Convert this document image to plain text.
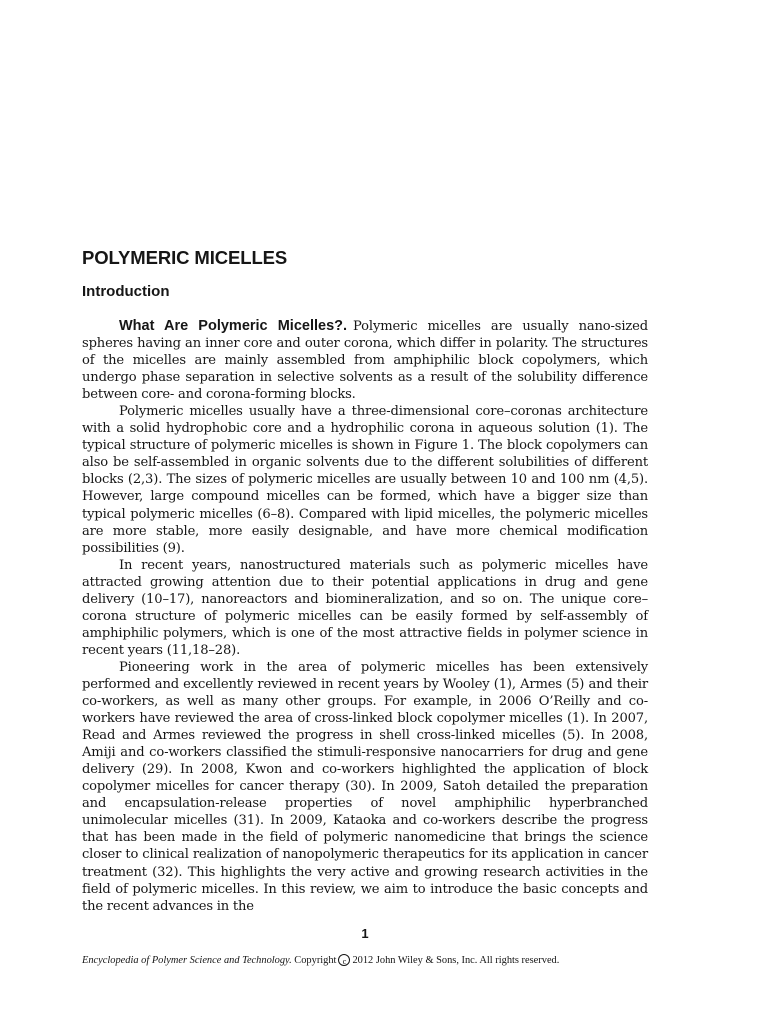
POLYMERIC MICELLES
Introduction

What Are Polymeric Micelles?. Polymeric micelles are usually nano-sized spheres having an inner core and outer corona, which differ in polarity. The structures of the micelles are mainly assembled from amphiphilic block copolymers, which undergo phase separation in selective solvents as a result of the solubility difference between core- and corona-forming blocks.

Polymeric micelles usually have a three-dimensional core–coronas architecture with a solid hydrophobic core and a hydrophilic corona in aqueous solution (1). The typical structure of polymeric micelles is shown in Figure 1. The block copolymers can also be self-assembled in organic solvents due to the different solubilities of different blocks (2,3). The sizes of polymeric micelles are usually between 10 and 100 nm (4,5). However, large compound micelles can be formed, which have a bigger size than typical polymeric micelles (6–8). Compared with lipid micelles, the polymeric micelles are more stable, more easily designable, and have more chemical modification possibilities (9).

In recent years, nanostructured materials such as polymeric micelles have attracted growing attention due to their potential applications in drug and gene delivery (10–17), nanoreactors and biomineralization, and so on. The unique core–corona structure of polymeric micelles can be easily formed by self-assembly of amphiphilic polymers, which is one of the most attractive fields in polymer science in recent years (11,18–28).

Pioneering work in the area of polymeric micelles has been extensively performed and excellently reviewed in recent years by Wooley (1), Armes (5) and their co-workers, as well as many other groups. For example, in 2006 O’Reilly and co-workers have reviewed the area of cross-linked block copolymer micelles (1). In 2007, Read and Armes reviewed the progress in shell cross-linked micelles (5). In 2008, Amiji and co-workers classified the stimuli-responsive nanocarriers for drug and gene delivery (29). In 2008, Kwon and co-workers highlighted the application of block copolymer micelles for cancer therapy (30). In 2009, Satoh detailed the preparation and encapsulation-release properties of novel amphiphilic hyperbranched unimolecular micelles (31). In 2009, Kataoka and co-workers describe the progress that has been made in the field of polymeric nanomedicine that brings the science closer to clinical realization of nanopolymeric therapeutics for its application in cancer treatment (32). This highlights the very active and growing research activities in the field of polymeric micelles. In this review, we aim to introduce the basic concepts and the recent advances in the

1
Encyclopedia of Polymer Science and Technology. Copyright c 2012 John Wiley & Sons, Inc. All rights reserved.
